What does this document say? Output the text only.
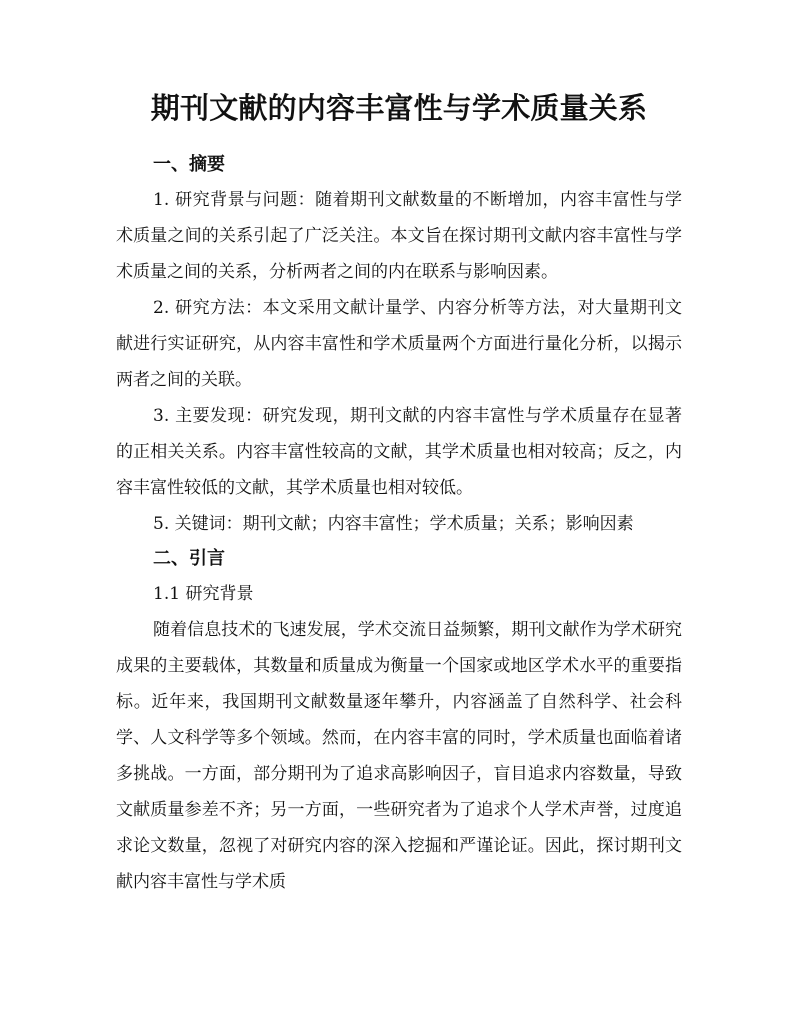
期刊文献的内容丰富性与学术质量关系
一、摘要

1. 研究背景与问题：随着期刊文献数量的不断增加，内容丰富性与学术质量之间的关系引起了广泛关注。本文旨在探讨期刊文献内容丰富性与学术质量之间的关系，分析两者之间的内在联系与影响因素。

2. 研究方法：本文采用文献计量学、内容分析等方法，对大量期刊文献进行实证研究，从内容丰富性和学术质量两个方面进行量化分析，以揭示两者之间的关联。

3. 主要发现：研究发现，期刊文献的内容丰富性与学术质量存在显著的正相关关系。内容丰富性较高的文献，其学术质量也相对较高；反之，内容丰富性较低的文献，其学术质量也相对较低。

5. 关键词：期刊文献；内容丰富性；学术质量；关系；影响因素

二、引言

1.1 研究背景

随着信息技术的飞速发展，学术交流日益频繁，期刊文献作为学术研究成果的主要载体，其数量和质量成为衡量一个国家或地区学术水平的重要指标。近年来，我国期刊文献数量逐年攀升，内容涵盖了自然科学、社会科学、人文科学等多个领域。然而，在内容丰富的同时，学术质量也面临着诸多挑战。一方面，部分期刊为了追求高影响因子，盲目追求内容数量，导致文献质量参差不齐；另一方面，一些研究者为了追求个人学术声誉，过度追求论文数量，忽视了对研究内容的深入挖掘和严谨论证。因此，探讨期刊文献内容丰富性与学术质
